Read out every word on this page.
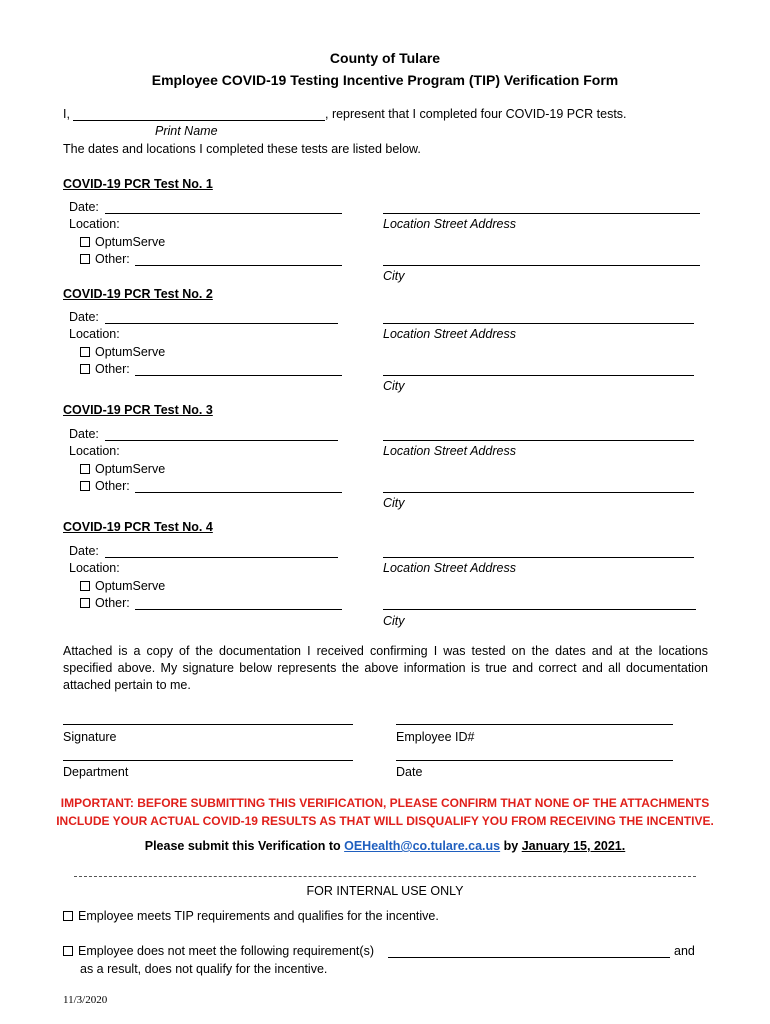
County of Tulare
Employee COVID-19 Testing Incentive Program (TIP) Verification Form
I,	, represent that I completed four COVID-19 PCR tests.
Print Name
The dates and locations I completed these tests are listed below.
COVID-19 PCR Test No. 1
Date:
Location:
OptumServe
Other:
Location Street Address
City
COVID-19 PCR Test No. 2
Date:
Location:
OptumServe
Other:
Location Street Address
City
COVID-19 PCR Test No. 3
Date:
Location:
OptumServe
Other:
Location Street Address
City
COVID-19 PCR Test No. 4
Date:
Location:
OptumServe
Other:
Location Street Address
City
Attached is a copy of the documentation I received confirming I was tested on the dates and at the locations specified above. My signature below represents the above information is true and correct and all documentation attached pertain to me.
Signature	Employee ID#
Department	Date
IMPORTANT: BEFORE SUBMITTING THIS VERIFICATION, PLEASE CONFIRM THAT NONE OF THE ATTACHMENTS
INCLUDE YOUR ACTUAL COVID-19 RESULTS AS THAT WILL DISQUALIFY YOU FROM RECEIVING THE INCENTIVE.
Please submit this Verification to OEHealth@co.tulare.ca.us by January 15, 2021.
FOR INTERNAL USE ONLY
Employee meets TIP requirements and qualifies for the incentive.
Employee does not meet the following requirement(s)	and
as a result, does not qualify for the incentive.
11/3/2020
